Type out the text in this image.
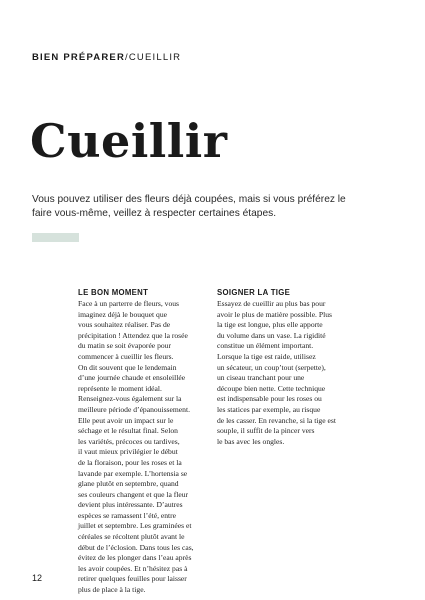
BIEN PRÉPARER/CUEILLIR
Cueillir
Vous pouvez utiliser des fleurs déjà coupées, mais si vous préférez le faire vous-même, veillez à respecter certaines étapes.
LE BON MOMENT

Face à un parterre de fleurs, vous
imaginez déjà le bouquet que
vous souhaitez réaliser. Pas de
précipitation ! Attendez que la rosée
du matin se soit évaporée pour
commencer à cueillir les fleurs.
On dit souvent que le lendemain
d’une journée chaude et ensoleillée
représente le moment idéal.
Renseignez-vous également sur la
meilleure période d’épanouissement.
Elle peut avoir un impact sur le
séchage et le résultat final. Selon
les variétés, précoces ou tardives,
il vaut mieux privilégier le début
de la floraison, pour les roses et la
lavande par exemple. L’hortensia se
glane plutôt en septembre, quand
ses couleurs changent et que la fleur
devient plus intéressante. D’autres
espèces se ramassent l’été, entre
juillet et septembre. Les graminées et
céréales se récoltent plutôt avant le
début de l’éclosion. Dans tous les cas,
évitez de les plonger dans l’eau après
les avoir coupées. Et n’hésitez pas à
retirer quelques feuilles pour laisser
plus de place à la tige.

SOIGNER LA TIGE

Essayez de cueillir au plus bas pour
avoir le plus de matière possible. Plus
la tige est longue, plus elle apporte
du volume dans un vase. La rigidité
constitue un élément important.
Lorsque la tige est raide, utilisez
un sécateur, un coup’tout (serpette),
un ciseau tranchant pour une
découpe bien nette. Cette technique
est indispensable pour les roses ou
les statices par exemple, au risque
de les casser. En revanche, si la tige est
souple, il suffit de la pincer vers
le bas avec les ongles.

12
